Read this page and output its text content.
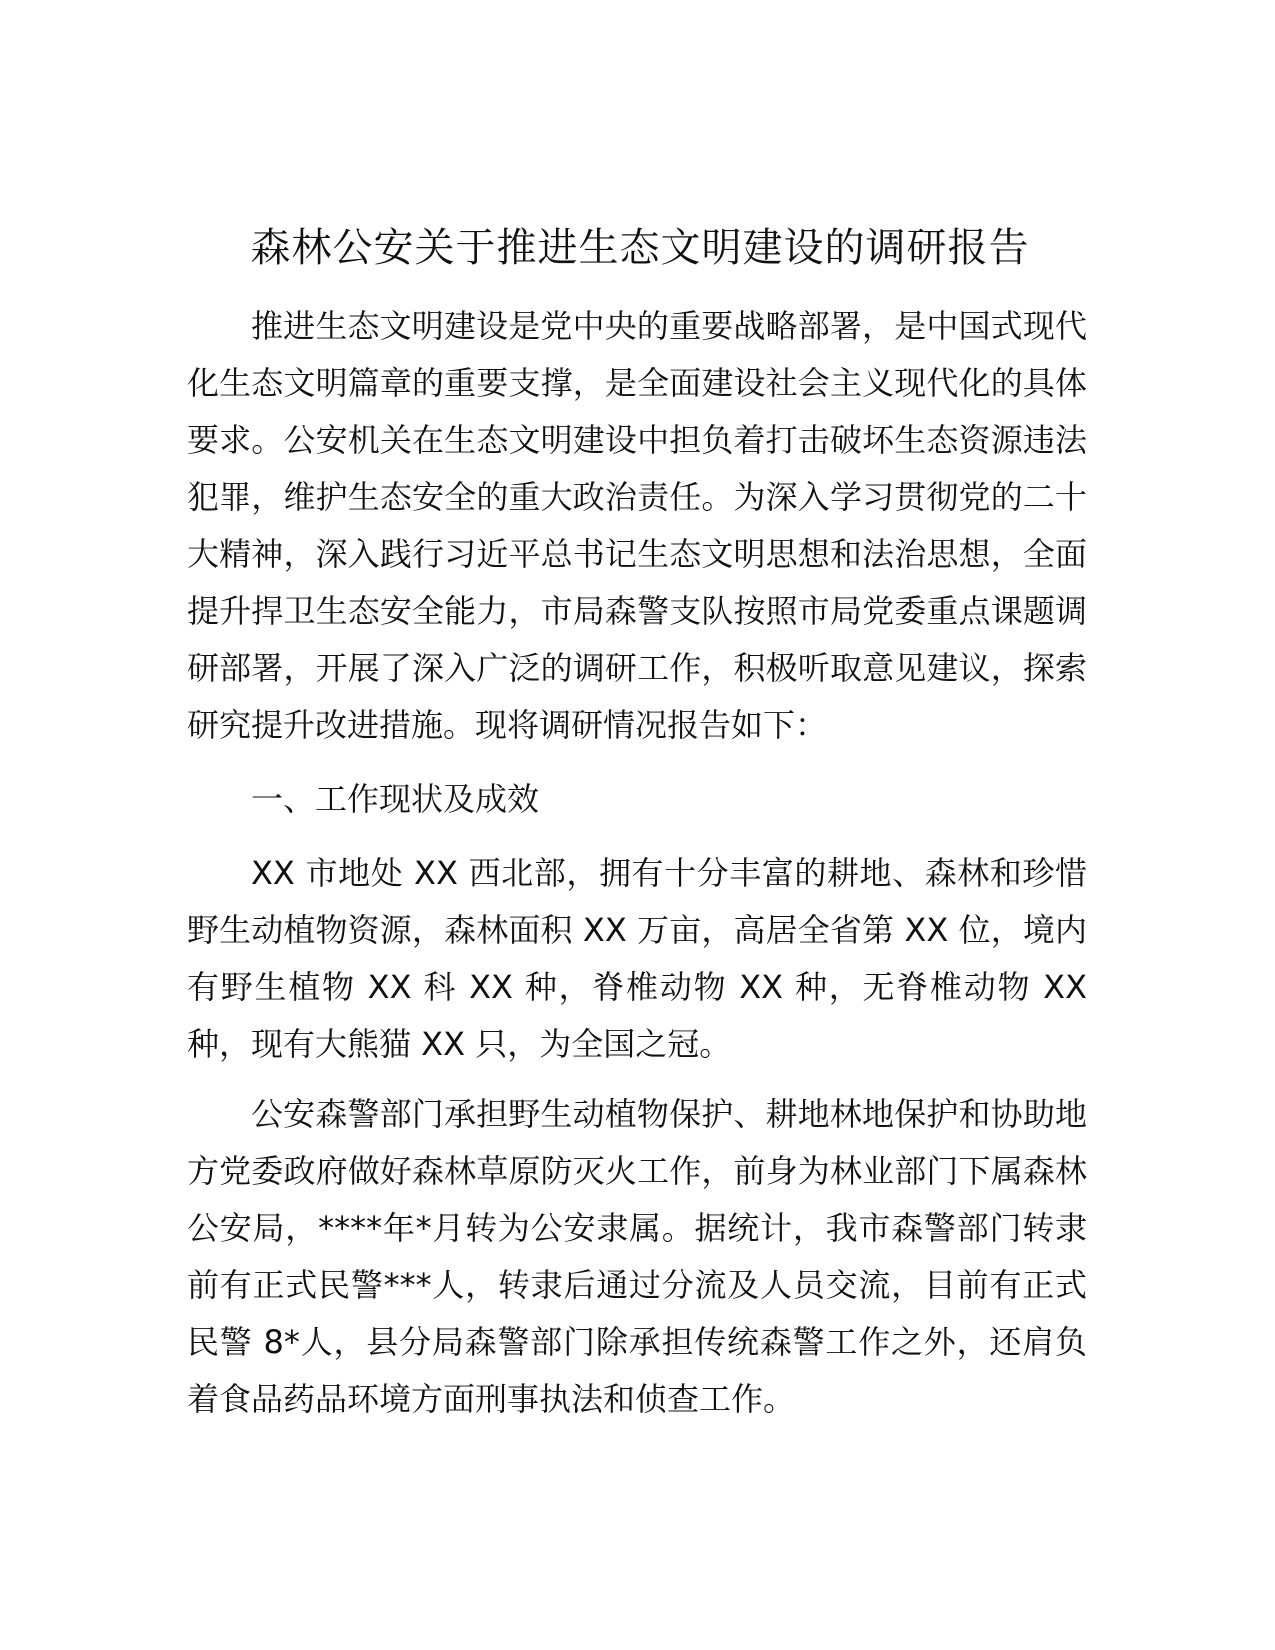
森林公安关于推进生态文明建设的调研报告

推进生态文明建设是党中央的重要战略部署，是中国式现代化生态文明篇章的重要支撑，是全面建设社会主义现代化的具体要求。公安机关在生态文明建设中担负着打击破坏生态资源违法犯罪，维护生态安全的重大政治责任。为深入学习贯彻党的二十大精神，深入践行习近平总书记生态文明思想和法治思想，全面提升捍卫生态安全能力，市局森警支队按照市局党委重点课题调研部署，开展了深入广泛的调研工作，积极听取意见建议，探索研究提升改进措施。现将调研情况报告如下：

一、工作现状及成效

XX 市地处 XX 西北部，拥有十分丰富的耕地、森林和珍惜野生动植物资源，森林面积 XX 万亩，高居全省第 XX 位，境内有野生植物 XX 科 XX 种，脊椎动物 XX 种，无脊椎动物 XX 种，现有大熊猫 XX 只，为全国之冠。

公安森警部门承担野生动植物保护、耕地林地保护和协助地方党委政府做好森林草原防灭火工作，前身为林业部门下属森林公安局，****年*月转为公安隶属。据统计，我市森警部门转隶前有正式民警***人，转隶后通过分流及人员交流，目前有正式民警 8*人，县分局森警部门除承担传统森警工作之外，还肩负着食品药品环境方面刑事执法和侦查工作。
